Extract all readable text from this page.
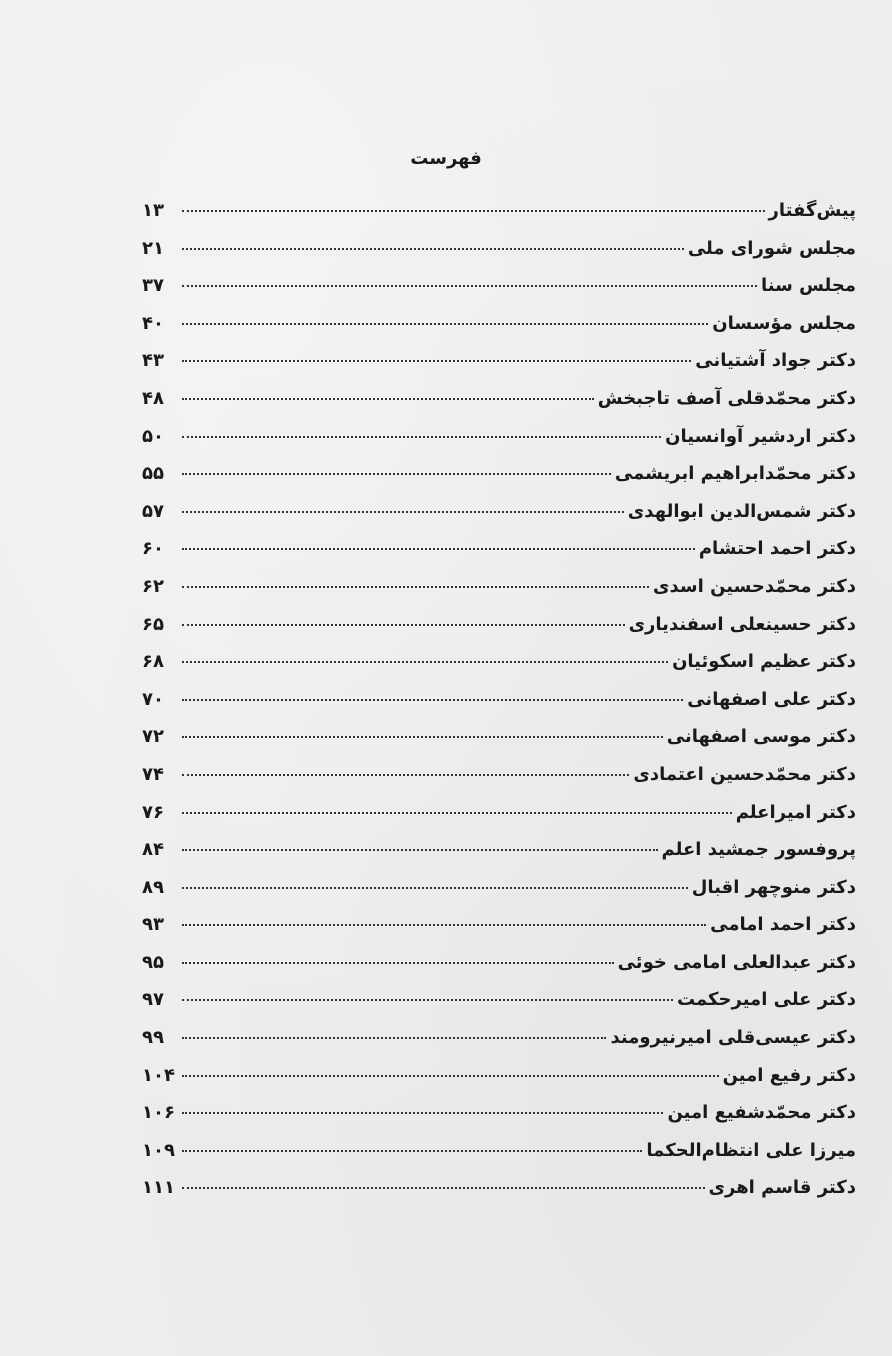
فهرست
پیش‌گفتار
۱۳
مجلس شورای ملی
۲۱
مجلس سنا
۳۷
مجلس مؤسسان
۴۰
دکتر جواد آشتیانی
۴۳
دکتر محمّدقلی آصف تاجبخش
۴۸
دکتر اردشیر آوانسیان
۵۰
دکتر محمّدابراهیم ابریشمی
۵۵
دکتر شمس‌الدین ابوالهدی
۵۷
دکتر احمد احتشام
۶۰
دکتر محمّدحسین اسدی
۶۲
دکتر حسینعلی اسفندیاری
۶۵
دکتر عظیم اسکوئیان
۶۸
دکتر علی اصفهانی
۷۰
دکتر موسی اصفهانی
۷۲
دکتر محمّدحسین اعتمادی
۷۴
دکتر امیراعلم
۷۶
پروفسور جمشید اعلم
۸۴
دکتر منوچهر اقبال
۸۹
دکتر احمد امامی
۹۳
دکتر عبدالعلی امامی خوئی
۹۵
دکتر علی امیرحکمت
۹۷
دکتر عیسی‌قلی امیرنیرومند
۹۹
دکتر رفیع امین
۱۰۴
دکتر محمّدشفیع امین
۱۰۶
میرزا علی انتظام‌الحکما
۱۰۹
دکتر قاسم اهری
۱۱۱
